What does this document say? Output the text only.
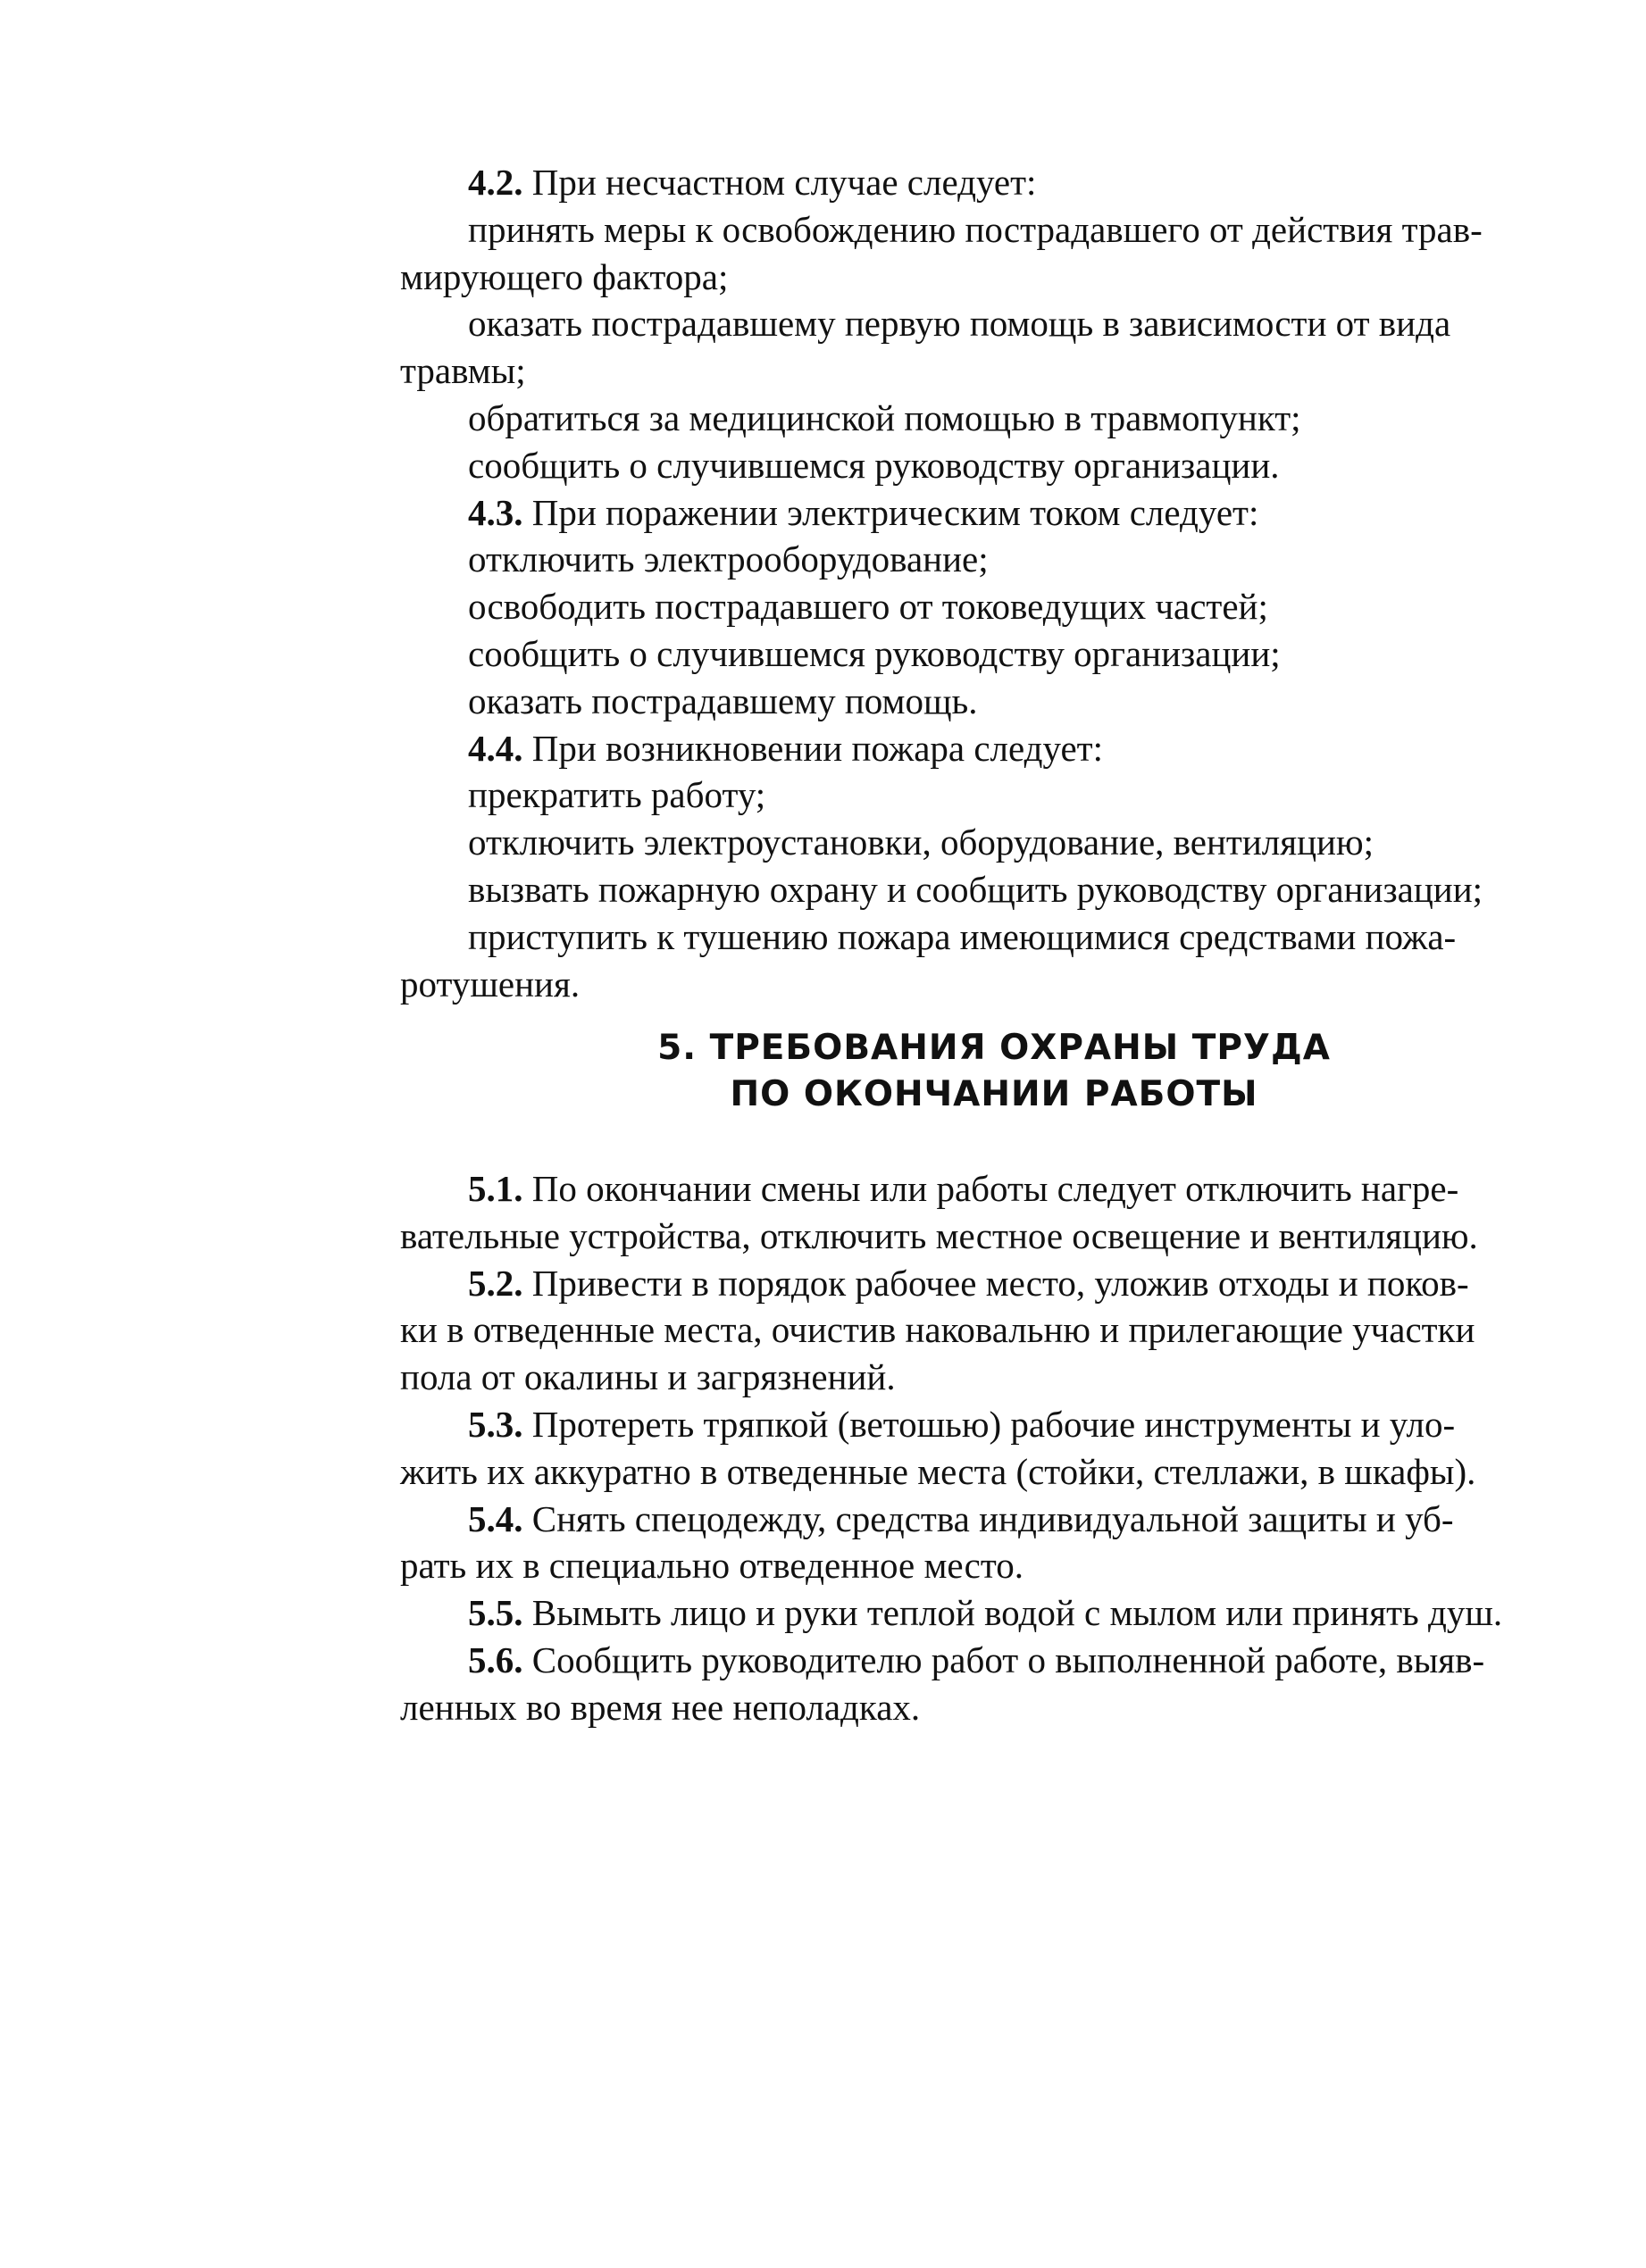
4.2. При несчастном случае следует:
принять меры к освобождению пострадавшего от действия трав-
мирующего фактора;
оказать пострадавшему первую помощь в зависимости от вида
травмы;
обратиться за медицинской помощью в травмопункт;
сообщить о случившемся руководству организации.
4.3. При поражении электрическим током следует:
отключить электрооборудование;
освободить пострадавшего от токоведущих частей;
сообщить о случившемся руководству организации;
оказать пострадавшему помощь.
4.4. При возникновении пожара следует:
прекратить работу;
отключить электроустановки, оборудование, вентиляцию;
вызвать пожарную охрану и сообщить руководству организации;
приступить к тушению пожара имеющимися средствами пожа-
ротушения.
5. ТРЕБОВАНИЯ ОХРАНЫ ТРУДА
ПО ОКОНЧАНИИ РАБОТЫ
5.1. По окончании смены или работы следует отключить нагре-
вательные устройства, отключить местное освещение и вентиляцию.
5.2. Привести в порядок рабочее место, уложив отходы и поков-
ки в отведенные места, очистив наковальню и прилегающие участки
пола от окалины и загрязнений.
5.3. Протереть тряпкой (ветошью) рабочие инструменты и уло-
жить их аккуратно в отведенные места (стойки, стеллажи, в шкафы).
5.4. Снять спецодежду, средства индивидуальной защиты и уб-
рать их в специально отведенное место.
5.5. Вымыть лицо и руки теплой водой с мылом или принять душ.
5.6. Сообщить руководителю работ о выполненной работе, выяв-
ленных во время нее неполадках.
